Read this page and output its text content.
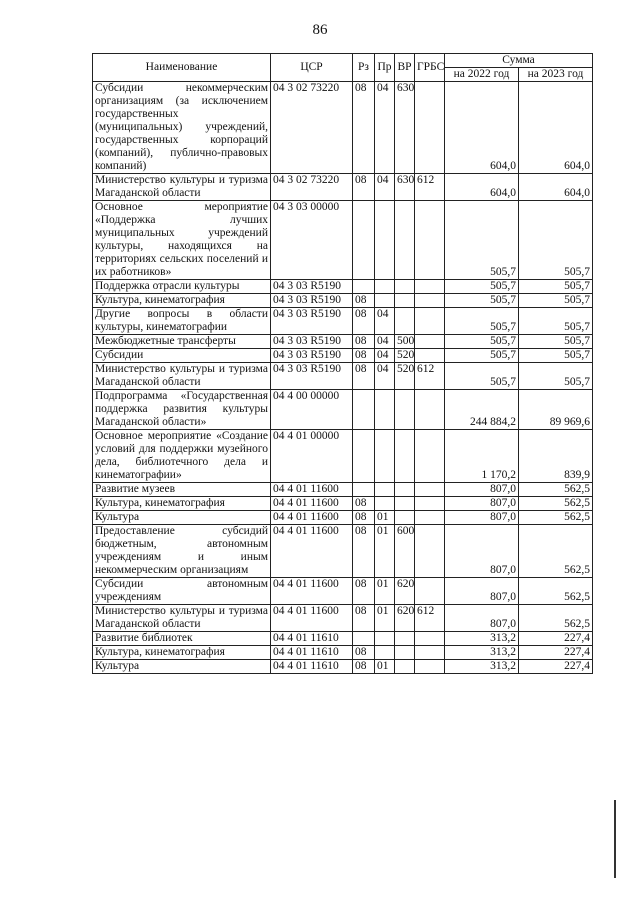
86
Наименование	ЦСР	Рз	Пр	ВР	ГРБС	Сумма	
						на 2022 год	на 2023 год
Субсидии некоммерческим организациям (за исключением государственных (муниципальных) учреждений, государственных корпораций (компаний), публично-правовых компаний)	04 3 02 73220	08	04	630		604,0	604,0
Министерство культуры и туризма Магаданской области	04 3 02 73220	08	04	630	612	604,0	604,0
Основное мероприятие «Поддержка лучших муниципальных учреждений культуры, находящихся на территориях сельских поселений и их работников»	04 3 03 00000					505,7	505,7
Поддержка отрасли культуры	04 3 03 R5190					505,7	505,7
Культура, кинематография	04 3 03 R5190	08				505,7	505,7
Другие вопросы в области культуры, кинематографии	04 3 03 R5190	08	04			505,7	505,7
Межбюджетные трансферты	04 3 03 R5190	08	04	500		505,7	505,7
Субсидии	04 3 03 R5190	08	04	520		505,7	505,7
Министерство культуры и туризма Магаданской области	04 3 03 R5190	08	04	520	612	505,7	505,7
Подпрограмма «Государственная поддержка развития культуры Магаданской области»	04 4 00 00000					244 884,2	89 969,6
Основное мероприятие «Создание условий для поддержки музейного дела, библиотечного дела и кинематографии»	04 4 01 00000					1 170,2	839,9
Развитие музеев	04 4 01 11600					807,0	562,5
Культура, кинематография	04 4 01 11600	08				807,0	562,5
Культура	04 4 01 11600	08	01			807,0	562,5
Предоставление субсидий бюджетным, автономным учреждениям и иным некоммерческим организациям	04 4 01 11600	08	01	600		807,0	562,5
Субсидии автономным учреждениям	04 4 01 11600	08	01	620		807,0	562,5
Министерство культуры и туризма Магаданской области	04 4 01 11600	08	01	620	612	807,0	562,5
Развитие библиотек	04 4 01 11610					313,2	227,4
Культура, кинематография	04 4 01 11610	08				313,2	227,4
Культура	04 4 01 11610	08	01			313,2	227,4
